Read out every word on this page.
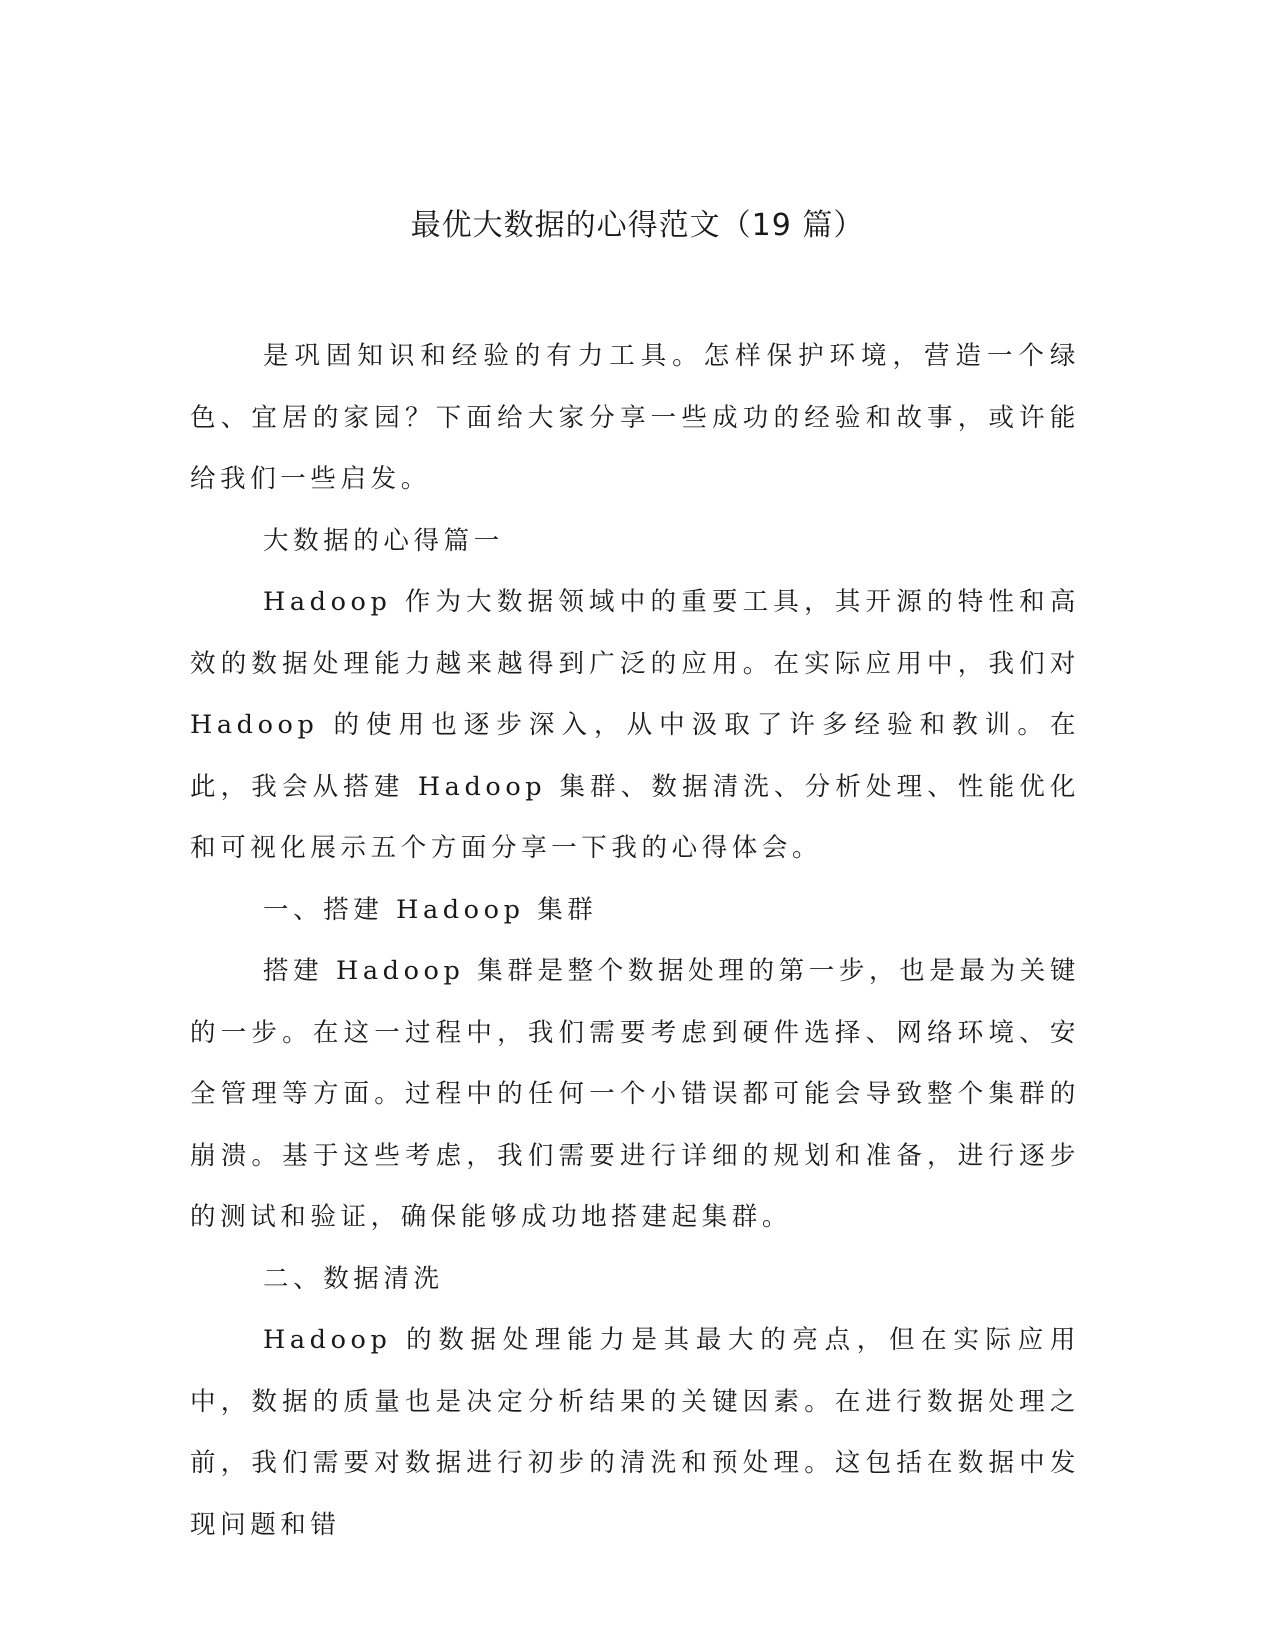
最优大数据的心得范文（19 篇）

是巩固知识和经验的有力工具。怎样保护环境，营造一个绿色、宜居的家园？下面给大家分享一些成功的经验和故事，或许能给我们一些启发。

大数据的心得篇一

Hadoop 作为大数据领域中的重要工具，其开源的特性和高效的数据处理能力越来越得到广泛的应用。在实际应用中，我们对 Hadoop 的使用也逐步深入，从中汲取了许多经验和教训。在此，我会从搭建 Hadoop 集群、数据清洗、分析处理、性能优化和可视化展示五个方面分享一下我的心得体会。

一、搭建 Hadoop 集群

搭建 Hadoop 集群是整个数据处理的第一步，也是最为关键的一步。在这一过程中，我们需要考虑到硬件选择、网络环境、安全管理等方面。过程中的任何一个小错误都可能会导致整个集群的崩溃。基于这些考虑，我们需要进行详细的规划和准备，进行逐步的测试和验证，确保能够成功地搭建起集群。

二、数据清洗

Hadoop 的数据处理能力是其最大的亮点，但在实际应用中，数据的质量也是决定分析结果的关键因素。在进行数据处理之前，我们需要对数据进行初步的清洗和预处理。这包括在数据中发现问题和错
